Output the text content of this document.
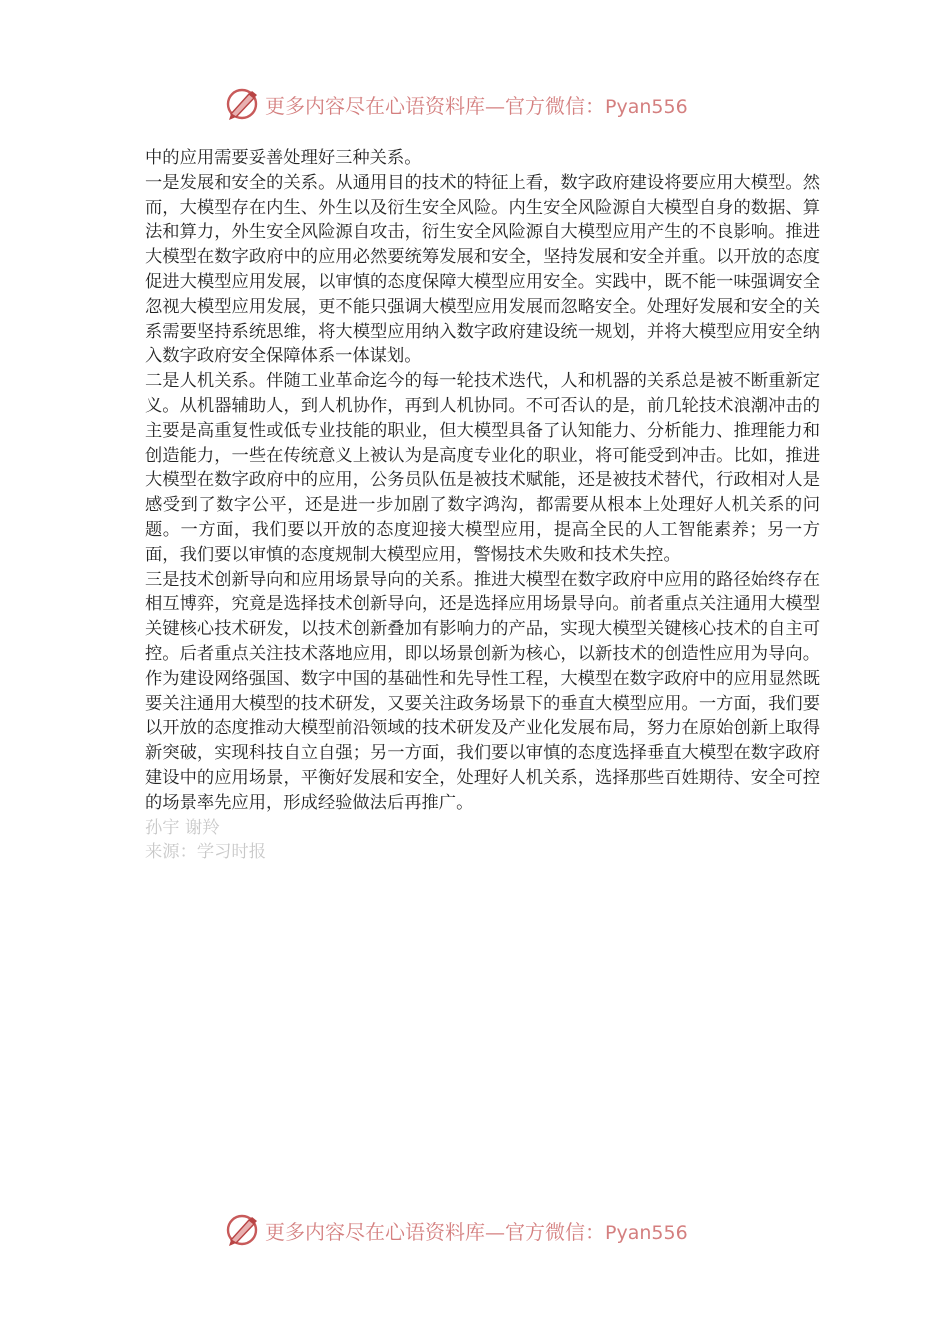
更多内容尽在心语资料库—官方微信：Pyan556

中的应用需要妥善处理好三种关系。

一是发展和安全的关系。从通用目的技术的特征上看，数字政府建设将要应用大模型。然而，大模型存在内生、外生以及衍生安全风险。内生安全风险源自大模型自身的数据、算法和算力，外生安全风险源自攻击，衍生安全风险源自大模型应用产生的不良影响。推进大模型在数字政府中的应用必然要统筹发展和安全，坚持发展和安全并重。以开放的态度促进大模型应用发展，以审慎的态度保障大模型应用安全。实践中，既不能一味强调安全忽视大模型应用发展，更不能只强调大模型应用发展而忽略安全。处理好发展和安全的关系需要坚持系统思维，将大模型应用纳入数字政府建设统一规划，并将大模型应用安全纳入数字政府安全保障体系一体谋划。

二是人机关系。伴随工业革命迄今的每一轮技术迭代，人和机器的关系总是被不断重新定义。从机器辅助人，到人机协作，再到人机协同。不可否认的是，前几轮技术浪潮冲击的主要是高重复性或低专业技能的职业，但大模型具备了认知能力、分析能力、推理能力和创造能力，一些在传统意义上被认为是高度专业化的职业，将可能受到冲击。比如，推进大模型在数字政府中的应用，公务员队伍是被技术赋能，还是被技术替代，行政相对人是感受到了数字公平，还是进一步加剧了数字鸿沟，都需要从根本上处理好人机关系的问题。一方面，我们要以开放的态度迎接大模型应用，提高全民的人工智能素养；另一方面，我们要以审慎的态度规制大模型应用，警惕技术失败和技术失控。

三是技术创新导向和应用场景导向的关系。推进大模型在数字政府中应用的路径始终存在相互博弈，究竟是选择技术创新导向，还是选择应用场景导向。前者重点关注通用大模型关键核心技术研发，以技术创新叠加有影响力的产品，实现大模型关键核心技术的自主可控。后者重点关注技术落地应用，即以场景创新为核心，以新技术的创造性应用为导向。作为建设网络强国、数字中国的基础性和先导性工程，大模型在数字政府中的应用显然既要关注通用大模型的技术研发，又要关注政务场景下的垂直大模型应用。一方面，我们要以开放的态度推动大模型前沿领域的技术研发及产业化发展布局，努力在原始创新上取得新突破，实现科技自立自强；另一方面，我们要以审慎的态度选择垂直大模型在数字政府建设中的应用场景，平衡好发展和安全，处理好人机关系，选择那些百姓期待、安全可控的场景率先应用，形成经验做法后再推广。

孙宇 谢羚

来源：学习时报

更多内容尽在心语资料库—官方微信：Pyan556
